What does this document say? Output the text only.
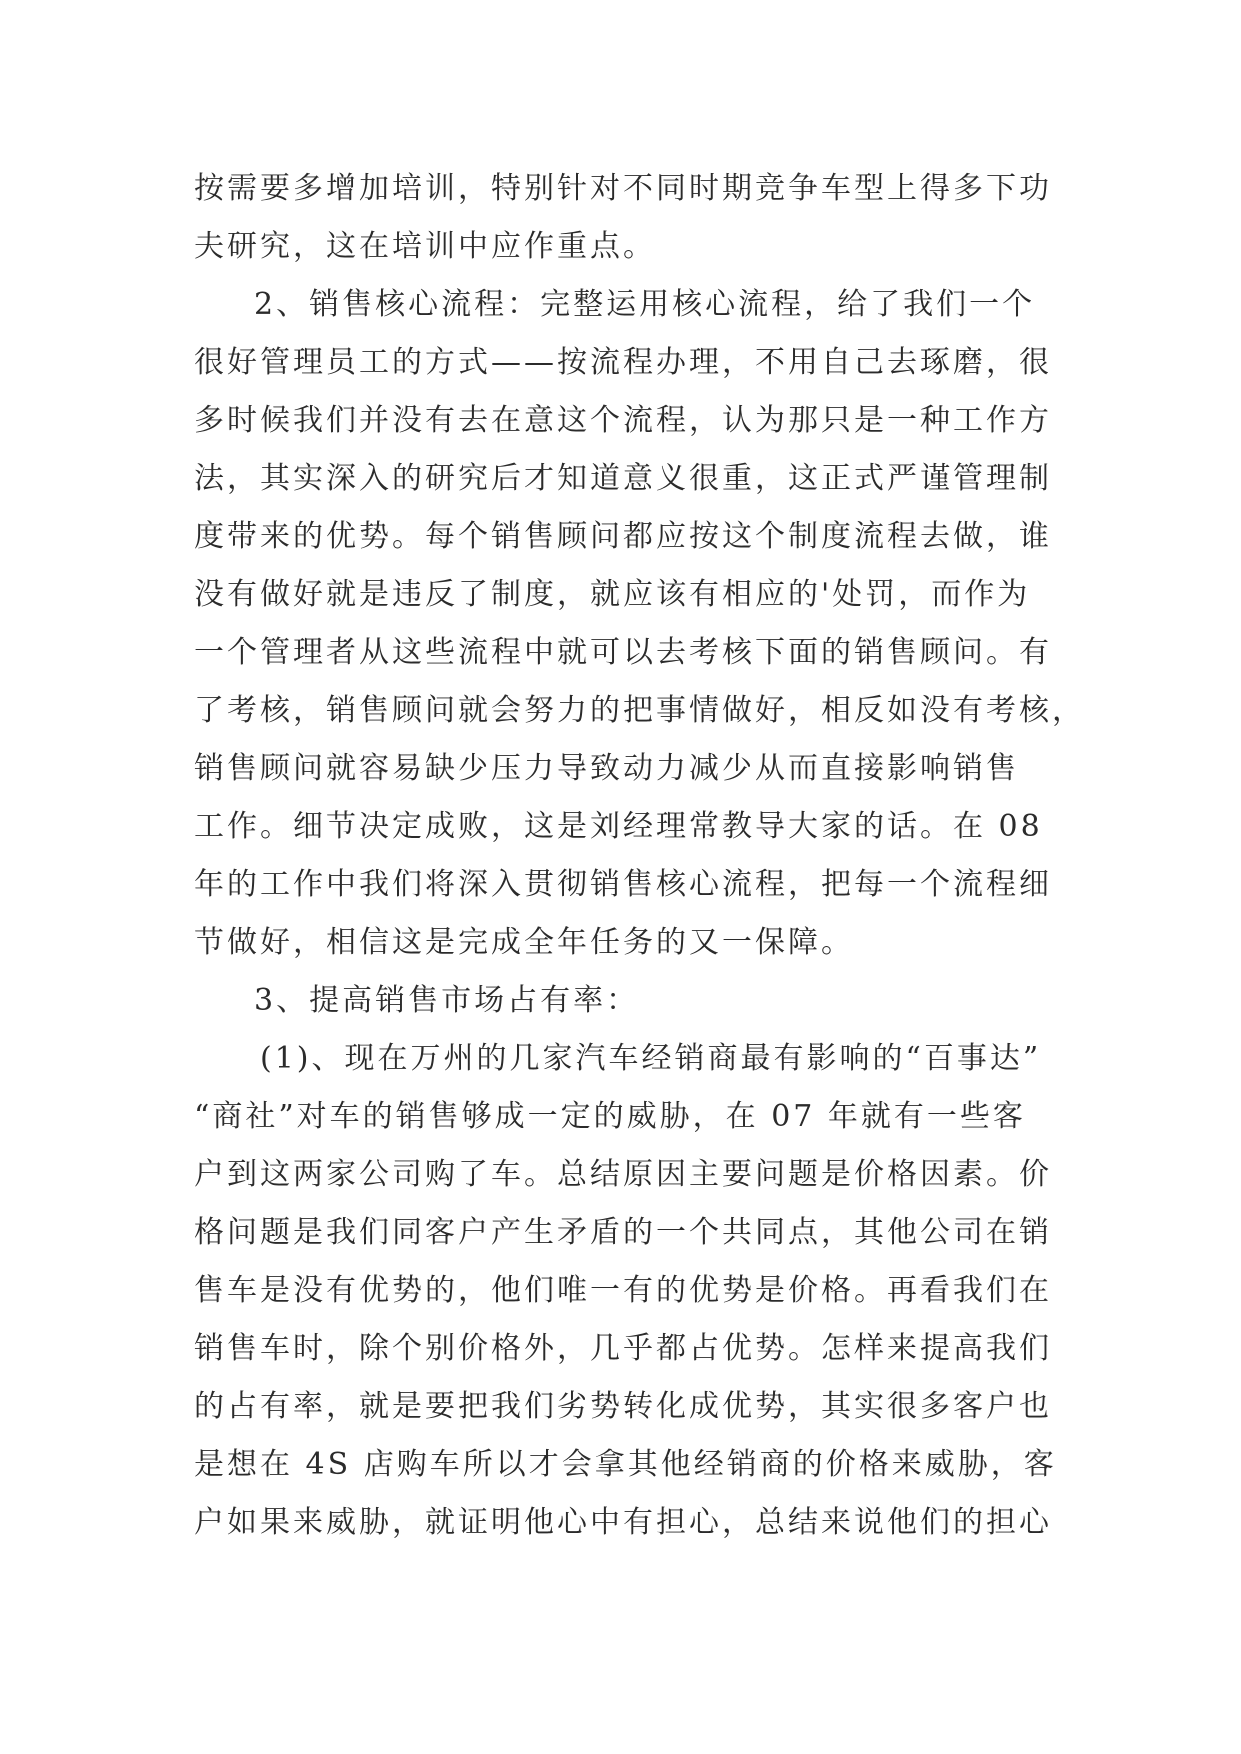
按需要多增加培训，特别针对不同时期竞争车型上得多下功
夫研究，这在培训中应作重点。
2、销售核心流程：完整运用核心流程，给了我们一个
很好管理员工的方式——按流程办理，不用自己去琢磨，很
多时候我们并没有去在意这个流程，认为那只是一种工作方
法，其实深入的研究后才知道意义很重，这正式严谨管理制
度带来的优势。每个销售顾问都应按这个制度流程去做，谁
没有做好就是违反了制度，就应该有相应的'处罚，而作为
一个管理者从这些流程中就可以去考核下面的销售顾问。有
了考核，销售顾问就会努力的把事情做好，相反如没有考核，
销售顾问就容易缺少压力导致动力减少从而直接影响销售
工作。细节决定成败，这是刘经理常教导大家的话。在 08
年的工作中我们将深入贯彻销售核心流程，把每一个流程细
节做好，相信这是完成全年任务的又一保障。
3、提高销售市场占有率：
(1)、现在万州的几家汽车经销商最有影响的“百事达”
“商社”对车的销售够成一定的威胁，在 07 年就有一些客
户到这两家公司购了车。总结原因主要问题是价格因素。价
格问题是我们同客户产生矛盾的一个共同点，其他公司在销
售车是没有优势的，他们唯一有的优势是价格。再看我们在
销售车时，除个别价格外，几乎都占优势。怎样来提高我们
的占有率，就是要把我们劣势转化成优势，其实很多客户也
是想在 4S 店购车所以才会拿其他经销商的价格来威胁，客
户如果来威胁，就证明他心中有担心，总结来说他们的担心
